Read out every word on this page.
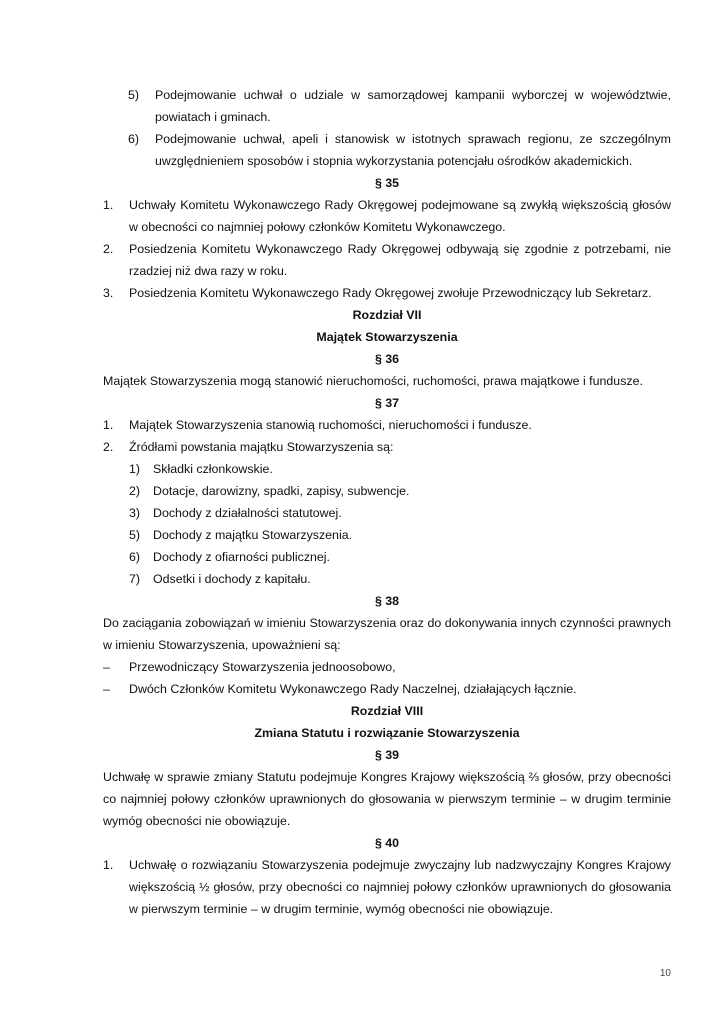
5) Podejmowanie uchwał o udziale w samorządowej kampanii wyborczej w województwie, powiatach i gminach.
6) Podejmowanie uchwał, apeli i stanowisk w istotnych sprawach regionu, ze szczególnym uwzględnieniem sposobów i stopnia wykorzystania potencjału ośrodków akademickich.
§ 35
1. Uchwały Komitetu Wykonawczego Rady Okręgowej podejmowane są zwykłą większością głosów w obecności co najmniej połowy członków Komitetu Wykonawczego.
2. Posiedzenia Komitetu Wykonawczego Rady Okręgowej odbywają się zgodnie z potrzebami, nie rzadziej niż dwa razy w roku.
3. Posiedzenia Komitetu Wykonawczego Rady Okręgowej zwołuje Przewodniczący lub Sekretarz.
Rozdział VII
Majątek Stowarzyszenia
§ 36
Majątek Stowarzyszenia mogą stanowić nieruchomości, ruchomości, prawa majątkowe i fundusze.
§ 37
1. Majątek Stowarzyszenia stanowią ruchomości, nieruchomości i fundusze.
2. Źródłami powstania majątku Stowarzyszenia są:
1) Składki członkowskie.
2) Dotacje, darowizny, spadki, zapisy, subwencje.
3) Dochody z działalności statutowej.
5) Dochody z majątku Stowarzyszenia.
6) Dochody z ofiarności publicznej.
7) Odsetki i dochody z kapitału.
§ 38
Do zaciągania zobowiązań w imieniu Stowarzyszenia oraz do dokonywania innych czynności prawnych w imieniu Stowarzyszenia, upoważnieni są:
– Przewodniczący Stowarzyszenia jednoosobowo,
– Dwóch Członków Komitetu Wykonawczego Rady Naczelnej, działających łącznie.
Rozdział VIII
Zmiana Statutu i rozwiązanie Stowarzyszenia
§ 39
Uchwałę w sprawie zmiany Statutu podejmuje Kongres Krajowy większością ⅔ głosów, przy obecności co najmniej połowy członków uprawnionych do głosowania w pierwszym terminie – w drugim terminie wymóg obecności nie obowiązuje.
§ 40
1. Uchwałę o rozwiązaniu Stowarzyszenia podejmuje zwyczajny lub nadzwyczajny Kongres Krajowy większością ½ głosów, przy obecności co najmniej połowy członków uprawnionych do głosowania w pierwszym terminie – w drugim terminie, wymóg obecności nie obowiązuje.
10
